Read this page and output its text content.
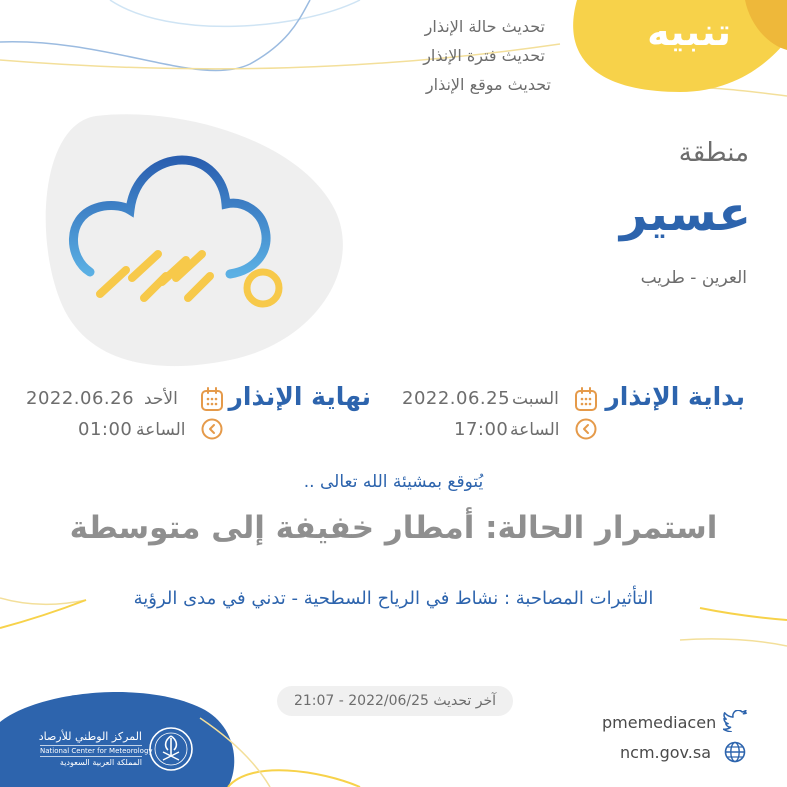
تنبيه
تحديث حالة الإنذار
تحديث فترة الإنذار
تحديث موقع الإنذار
منطقة
عسير
العرين - طريب
بداية الإنذار
السبت
2022.06.25
الساعة
17:00
نهاية الإنذار
الأحد
2022.06.26
الساعة
01:00
يُتوقع بمشيئة الله تعالى ..
استمرار الحالة: أمطار خفيفة إلى متوسطة
التأثيرات المصاحبة : نشاط في الرياح السطحية - تدني في مدى الرؤية
آخر تحديث 2022/06/25 - 21:07
pmemediacen
ncm.gov.sa
المركز الوطني للأرصاد
National Center for Meteorology
المملكة العربية السعودية
